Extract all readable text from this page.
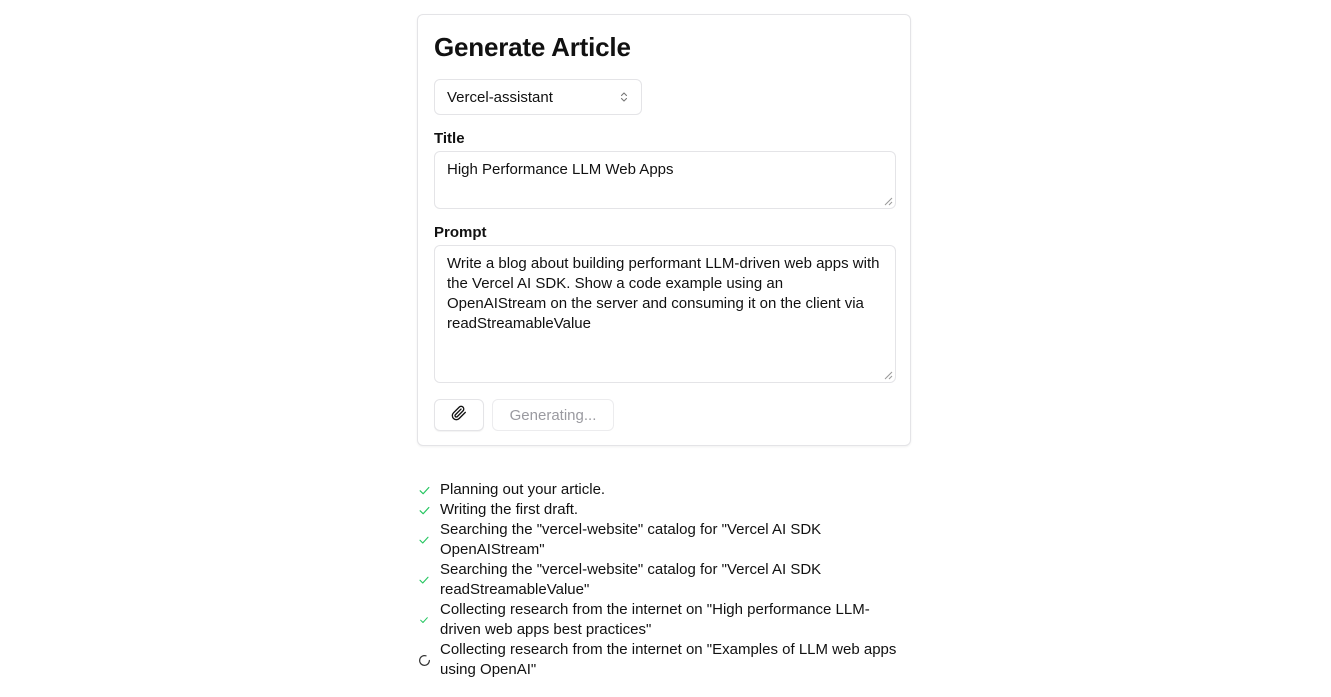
Generate Article
Vercel-assistant
Title
High Performance LLM Web Apps
Prompt
Write a blog about building performant LLM-driven web apps with the Vercel AI SDK. Show a code example using an OpenAIStream on the server and consuming it on the client via readStreamableValue
Generating...
Planning out your article.
Writing the first draft.
Searching the "vercel-website" catalog for "Vercel AI SDK OpenAIStream"
Searching the "vercel-website" catalog for "Vercel AI SDK readStreamableValue"
Collecting research from the internet on "High performance LLM-driven web apps best practices"
Collecting research from the internet on "Examples of LLM web apps using OpenAI"
